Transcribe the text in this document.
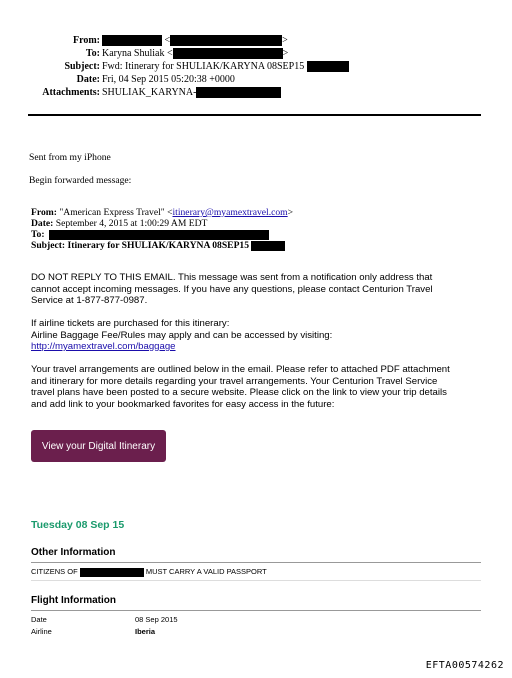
From:	<	>
To: Karyna Shuliak <	>
Subject: Fwd: Itinerary for SHULIAK/KARYNA 08SEP15
Date: Fri, 04 Sep 2015 05:20:38 +0000
Attachments: SHULIAK_KARYNA-
Sent from my iPhone
Begin forwarded message:
From: "American Express Travel" <itinerary@myamextravel.com>
Date: September 4, 2015 at 1:00:29 AM EDT
To:
Subject: Itinerary for SHULIAK/KARYNA 08SEP15
DO NOT REPLY TO THIS EMAIL. This message was sent from a notification only address that
cannot accept incoming messages. If you have any questions, please contact Centurion Travel
Service at 1-877-877-0987.
If airline tickets are purchased for this itinerary:
Airline Baggage Fee/Rules may apply and can be accessed by visiting:
http://myamextravel.com/baggage
Your travel arrangements are outlined below in the email. Please refer to attached PDF attachment
and itinerary for more details regarding your travel arrangements. Your Centurion Travel Service
travel plans have been posted to a secure website. Please click on the link to view your trip details
and add link to your bookmarked favorites for easy access in the future:
View your Digital Itinerary
Tuesday 08 Sep 15
Other Information
CITIZENS OF	MUST CARRY A VALID PASSPORT
Flight Information
Date	08 Sep 2015
Airline	Iberia
EFTA00574262
